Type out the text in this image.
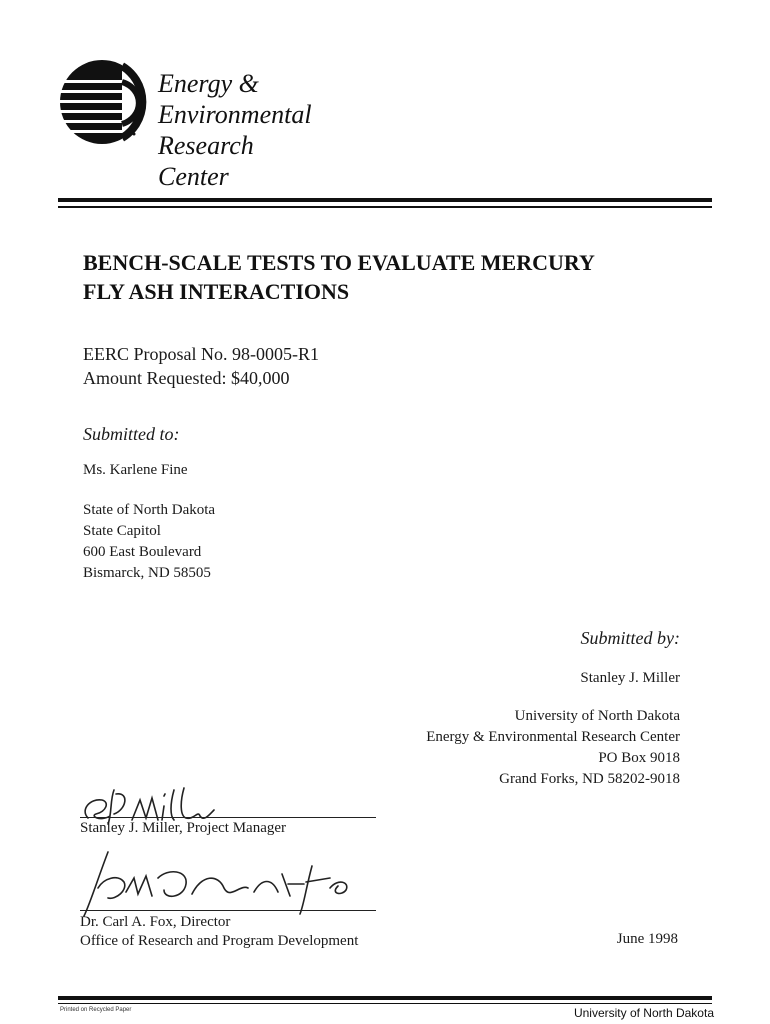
Energy &
Environmental
Research
Center
BENCH-SCALE TESTS TO EVALUATE MERCURY
FLY ASH INTERACTIONS
EERC Proposal No. 98-0005-R1
Amount Requested: $40,000
Submitted to:
Ms. Karlene Fine
State of North Dakota
State Capitol
600 East Boulevard
Bismarck, ND 58505
Submitted by:
Stanley J. Miller
University of North Dakota
Energy & Environmental Research Center
PO Box 9018
Grand Forks, ND 58202-9018
Stanley J. Miller, Project Manager
Dr. Carl A. Fox, Director
Office of Research and Program Development	June 1998
Printed on Recycled Paper	University of North Dakota
